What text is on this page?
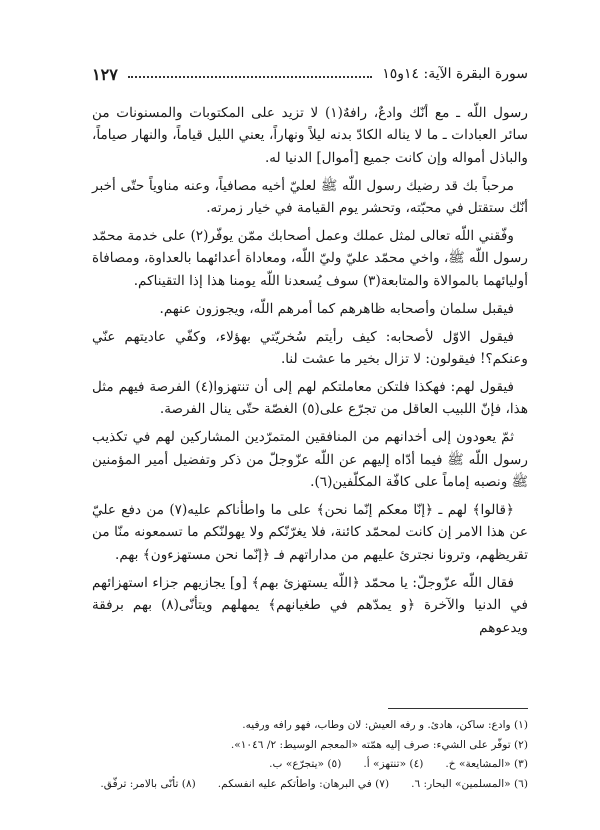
سورة البقرة الآية: ١٤و١٥
١٢٧

رسول اللّه ـ مع أنّك وادعٌ، رافهٌ(١) لا تزيد على المكتوبات والمسنونات من سائر العبادات ـ ما لا يناله الكادّ بدنه ليلاً ونهاراً، يعني الليل قياماً، والنهار صياماً، والباذل أمواله وإن كانت جميع [أموال] الدنيا له.

مرحباً بك قد رضيك رسول اللّه ﷺ لعليّ أخيه مصافياً، وعنه مناوياً حتّى أخبر أنّك ستقتل في محبّته، وتحشر يوم القيامة في خيار زمرته.

وفّقني اللّه تعالى لمثل عملك وعمل أصحابك ممّن يوفّر(٢) على خدمة محمّد رسول اللّه ﷺ، واخي محمّد عليّ وليّ اللّه، ومعاداة أعدائهما بالعداوة، ومصافاة أوليائهما بالموالاة والمتابعة(٣) سوف يُسعدنا اللّه يومنا هذا إذا التقيناكم.

فيقبل سلمان وأصحابه ظاهرهم كما أمرهم اللّه، ويجوزون عنهم.

فيقول الاوّل لأصحابه: كيف رأيتم سُخريّتي بهؤلاء، وكفّي عاديتهم عنّي وعنكم؟! فيقولون: لا تزال بخير ما عشت لنا.

فيقول لهم: فهكذا فلتكن معاملتكم لهم إلى أن تنتهزوا(٤) الفرصة فيهم مثل هذا، فإنّ اللبيب العاقل من تجرّع على(٥) الغصّة حتّى ينال الفرصة.

ثمّ يعودون إلى أخدانهم من المنافقين المتمرّدين المشاركين لهم في تكذيب رسول اللّه ﷺ فيما أدّاه إليهم عن اللّه عزّوجلّ من ذكر وتفضيل أمير المؤمنين ﷺ ونصبه إماماً على كافّة المكلّفين(٦).

﴿قالوا﴾ لهم ـ ﴿إنّا معكم إنّما نحن﴾ على ما واطأناكم عليه(٧) من دفع عليّ عن هذا الامر إن كانت لمحمّد كائنة، فلا يغرّنّكم ولا يهولنّكم ما تسمعونه منّا من تقريظهم، وترونا نجترئ عليهم من مداراتهم فـ ﴿إنّما نحن مستهزءون﴾ بهم.

فقال اللّه عزّوجلّ: يا محمّد ﴿اللّه يستهزئ بهم﴾ [و] يجازيهم جزاء استهزائهم في الدنيا والآخرة ﴿و يمدّهم في طغيانهم﴾ يمهلهم ويتأنّى(٨) بهم برفقة ويدعوهم

(١) وادع: ساكن، هادئ. و رفه العيش: لان وطاب، فهو رافه ورفيه.
(٢) توفّر على الشيء: صرف إليه همّته «المعجم الوسيط: ٢/ ١٠٤٦».
(٣) «المشايعة» خ.
(٤) «تنتهز» أ.
(٥) «يتجرّع» ب.
(٦) «المسلمين» البحار: ٦.
(٧) في البرهان: واطأتكم عليه انفسكم.
(٨) تأنّى بالامر: ترفّق.
